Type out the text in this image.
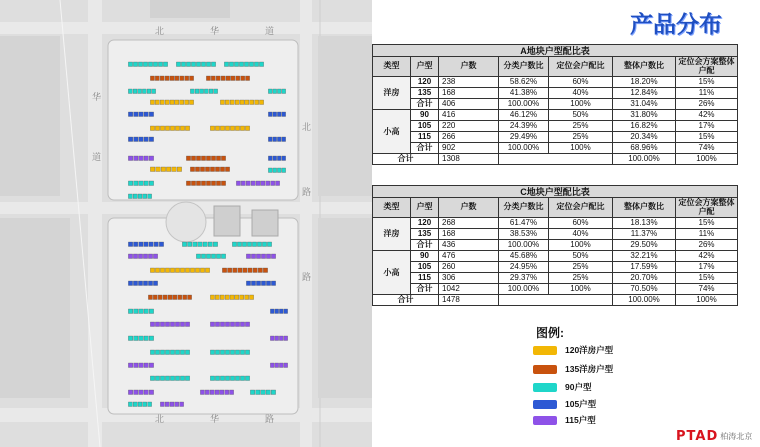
北	华	道
华
道
北
路
路
北	华	路
产品分布
A地块户型配比表						
类型	户型	户数	分类户数比	定位会户配比	整体户数比	定位会方案整体户配
洋房	120	238	58.62%	60%	18.20%	15%
	135	168	41.38%	40%	12.84%	11%
	合计	406	100.00%	100%	31.04%	26%
小高	90	416	46.12%	50%	31.80%	42%
	105	220	24.39%	25%	16.82%	17%
	115	266	29.49%	25%	20.34%	15%
	合计	902	100.00%	100%	68.96%	74%
合计		1308			100.00%	100%
C地块户型配比表						
类型	户型	户数	分类户数比	定位会户配比	整体户数比	定位会方案整体户配
洋房	120	268	61.47%	60%	18.13%	15%
	135	168	38.53%	40%	11.37%	11%
	合计	436	100.00%	100%	29.50%	26%
小高	90	476	45.68%	50%	32.21%	42%
	105	260	24.95%	25%	17.59%	17%
	115	306	29.37%	25%	20.70%	15%
	合计	1042	100.00%	100%	70.50%	74%
合计		1478			100.00%	100%
图例:
120洋房户型
135洋房户型
90户型
105户型
115户型
PTAD 柏涛北京
